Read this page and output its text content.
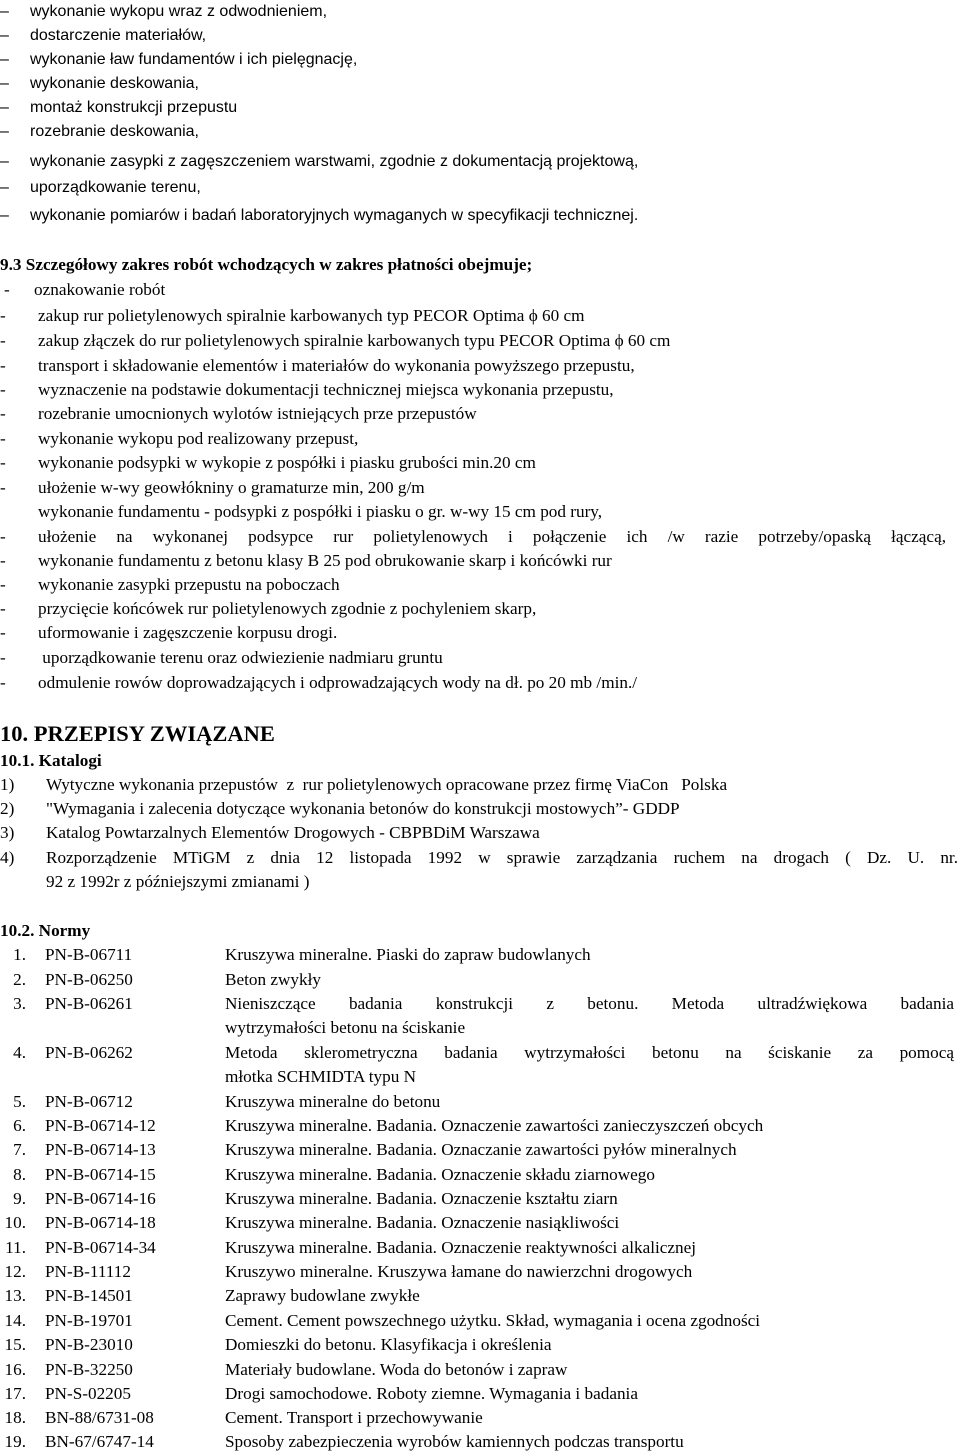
–	wykonanie wykopu wraz z odwodnieniem,
–	dostarczenie materiałów,
–	wykonanie ław fundamentów i ich pielęgnację,
–	wykonanie deskowania,
–	montaż konstrukcji przepustu
–	rozebranie deskowania,
–	wykonanie zasypki z zagęszczeniem warstwami, zgodnie z dokumentacją projektową,
–	uporządkowanie terenu,
–	wykonanie pomiarów i badań laboratoryjnych wymaganych w specyfikacji technicznej.
9.3 Szczegółowy zakres robót wchodzących w zakres płatności obejmuje;
- oznakowanie robót
- zakup rur polietylenowych spiralnie karbowanych typ PECOR Optima ϕ 60 cm
- zakup złączek do rur polietylenowych spiralnie karbowanych typu PECOR Optima ϕ 60 cm
- transport i składowanie elementów i materiałów do wykonania powyższego przepustu,
- wyznaczenie na podstawie dokumentacji technicznej miejsca wykonania przepustu,
- rozebranie umocnionych wylotów istniejących prze przepustów
- wykonanie wykopu pod realizowany przepust,
- wykonanie podsypki w wykopie z pospółki i piasku grubości min.20 cm
- ułożenie w-wy geowłókniny o gramaturze min, 200 g/m
wykonanie fundamentu - podsypki z pospółki i piasku o gr. w-wy 15 cm pod rury,
- ułożenie na wykonanej podsypce rur polietylenowych i połączenie ich /w razie potrzeby/opaską łączącą,
- wykonanie fundamentu z betonu klasy B 25 pod obrukowanie skarp i końcówki rur
- wykonanie zasypki przepustu na poboczach
- przycięcie końcówek rur polietylenowych zgodnie z pochyleniem skarp,
- uformowanie i zagęszczenie korpusu drogi.
- uporządkowanie terenu oraz odwiezienie nadmiaru gruntu
- odmulenie rowów doprowadzających i odprowadzających wody na dł. po 20 mb /min./
10. PRZEPISY ZWIĄZANE
10.1. Katalogi
1) Wytyczne wykonania przepustów  z  rur polietylenowych opracowane przez firmę ViaCon   Polska
2) "Wymagania i zalecenia dotyczące wykonania betonów do konstrukcji mostowych”- GDDP
3) Katalog Powtarzalnych Elementów Drogowych - CBPBDiM Warszawa
4) Rozporządzenie MTiGM z dnia 12 listopada 1992 w sprawie zarządzania ruchem na drogach ( Dz. U. nr.
92 z 1992r z późniejszymi zmianami )
10.2. Normy
1. PN-B-06711	Kruszywa mineralne. Piaski do zapraw budowlanych
2. PN-B-06250	Beton zwykły
3. PN-B-06261	Nieniszczące badania konstrukcji z betonu. Metoda ultradźwiękowa badania
wytrzymałości betonu na ściskanie
4. PN-B-06262	Metoda sklerometryczna badania wytrzymałości betonu na ściskanie za pomocą
młotka SCHMIDTA typu N
5. PN-B-06712	Kruszywa mineralne do betonu
6. PN-B-06714-12	Kruszywa mineralne. Badania. Oznaczenie zawartości zanieczyszczeń obcych
7. PN-B-06714-13	Kruszywa mineralne. Badania. Oznaczanie zawartości pyłów mineralnych
8. PN-B-06714-15	Kruszywa mineralne. Badania. Oznaczenie składu ziarnowego
9. PN-B-06714-16	Kruszywa mineralne. Badania. Oznaczenie kształtu ziarn
10. PN-B-06714-18	Kruszywa mineralne. Badania. Oznaczenie nasiąkliwości
11. PN-B-06714-34	Kruszywa mineralne. Badania. Oznaczenie reaktywności alkalicznej
12. PN-B-11112	Kruszywo mineralne. Kruszywa łamane do nawierzchni drogowych
13. PN-B-14501	Zaprawy budowlane zwykłe
14. PN-B-19701	Cement. Cement powszechnego użytku. Skład, wymagania i ocena zgodności
15. PN-B-23010	Domieszki do betonu. Klasyfikacja i określenia
16. PN-B-32250	Materiały budowlane. Woda do betonów i zapraw
17. PN-S-02205	Drogi samochodowe. Roboty ziemne. Wymagania i badania
18. BN-88/6731-08	Cement. Transport i przechowywanie
19. BN-67/6747-14	Sposoby zabezpieczenia wyrobów kamiennych podczas transportu
